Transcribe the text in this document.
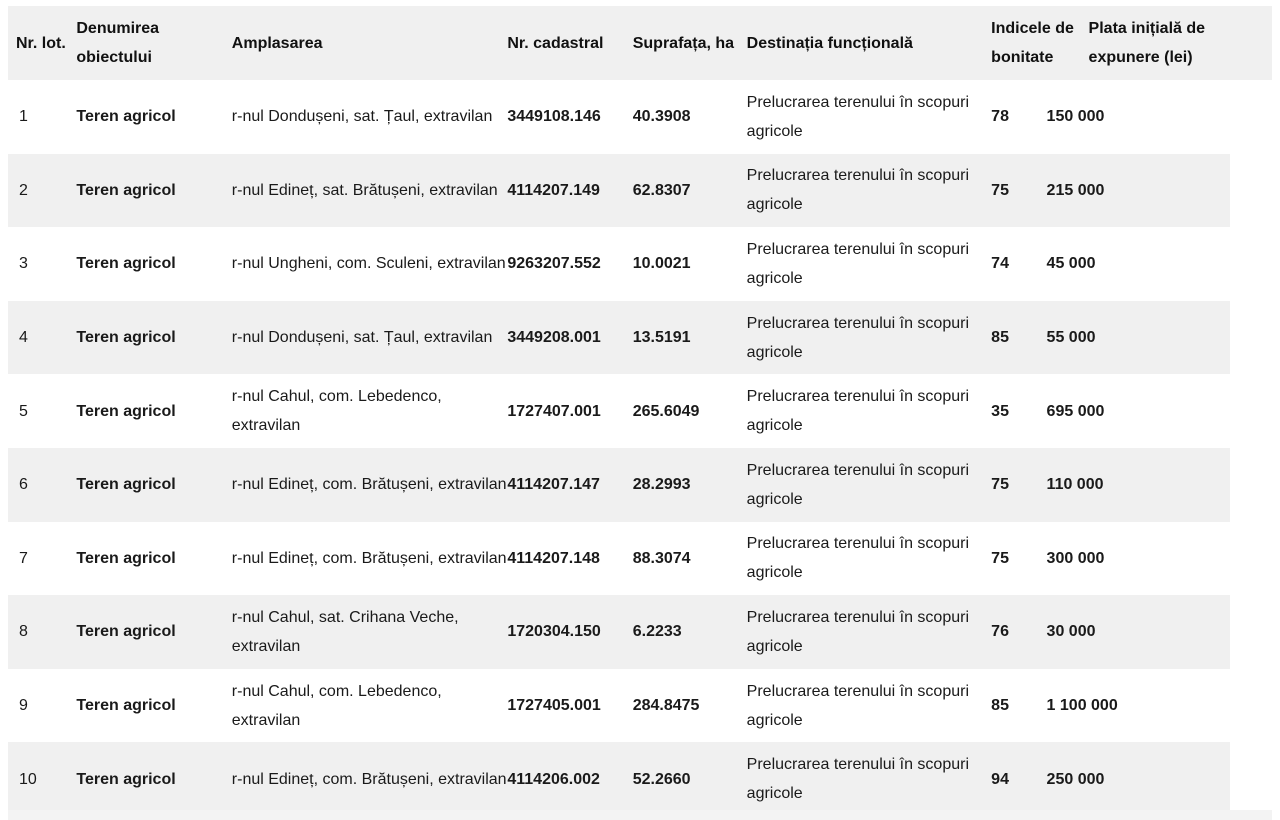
Nr. lot.	Denumirea obiectului	Amplasarea	Nr. cadastral	Suprafața, ha	Destinația funcțională	Indicele de bonitate	Plata inițială de expunere (lei)
1	Teren agricol	r-nul Dondușeni, sat. Țaul, extravilan	3449108.146	40.3908	Prelucrarea terenului în scopuri agricole	78	150 000
2	Teren agricol	r-nul Edineț, sat. Brătușeni, extravilan	4114207.149	62.8307	Prelucrarea terenului în scopuri agricole	75	215 000
3	Teren agricol	r-nul Ungheni, com. Sculeni, extravilan	9263207.552	10.0021	Prelucrarea terenului în scopuri agricole	74	45 000
4	Teren agricol	r-nul Dondușeni, sat. Țaul, extravilan	3449208.001	13.5191	Prelucrarea terenului în scopuri agricole	85	55 000
5	Teren agricol	r-nul Cahul, com. Lebedenco, extravilan	1727407.001	265.6049	Prelucrarea terenului în scopuri agricole	35	695 000
6	Teren agricol	r-nul Edineț, com. Brătușeni, extravilan	4114207.147	28.2993	Prelucrarea terenului în scopuri agricole	75	110 000
7	Teren agricol	r-nul Edineț, com. Brătușeni, extravilan	4114207.148	88.3074	Prelucrarea terenului în scopuri agricole	75	300 000
8	Teren agricol	r-nul Cahul, sat. Crihana Veche, extravilan	1720304.150	6.2233	Prelucrarea terenului în scopuri agricole	76	30 000
9	Teren agricol	r-nul Cahul, com. Lebedenco, extravilan	1727405.001	284.8475	Prelucrarea terenului în scopuri agricole	85	1 100 000
10	Teren agricol	r-nul Edineț, com. Brătușeni, extravilan	4114206.002	52.2660	Prelucrarea terenului în scopuri agricole	94	250 000
